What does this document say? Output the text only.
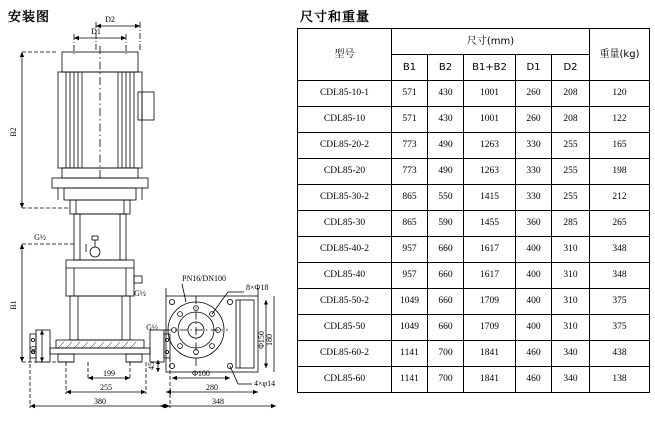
安装图	D2
D1
B2
B1
G½
G½
G½
40
199
255
380
PN16/DN100
8×Φ18
4×φ14
45
Φ100
280
348
Φ150 180
尺寸和重量
型号	尺寸(mm)					重量(kg)
	B1	B2	B1+B2	D1	D2	
CDL85-10-1	571	430	1001	260	208	120
CDL85-10	571	430	1001	260	208	122
CDL85-20-2	773	490	1263	330	255	165
CDL85-20	773	490	1263	330	255	198
CDL85-30-2	865	550	1415	330	255	212
CDL85-30	865	590	1455	360	285	265
CDL85-40-2	957	660	1617	400	310	348
CDL85-40	957	660	1617	400	310	348
CDL85-50-2	1049	660	1709	400	310	375
CDL85-50	1049	660	1709	400	310	375
CDL85-60-2	1141	700	1841	460	340	438
CDL85-60	1141	700	1841	460	340	138
